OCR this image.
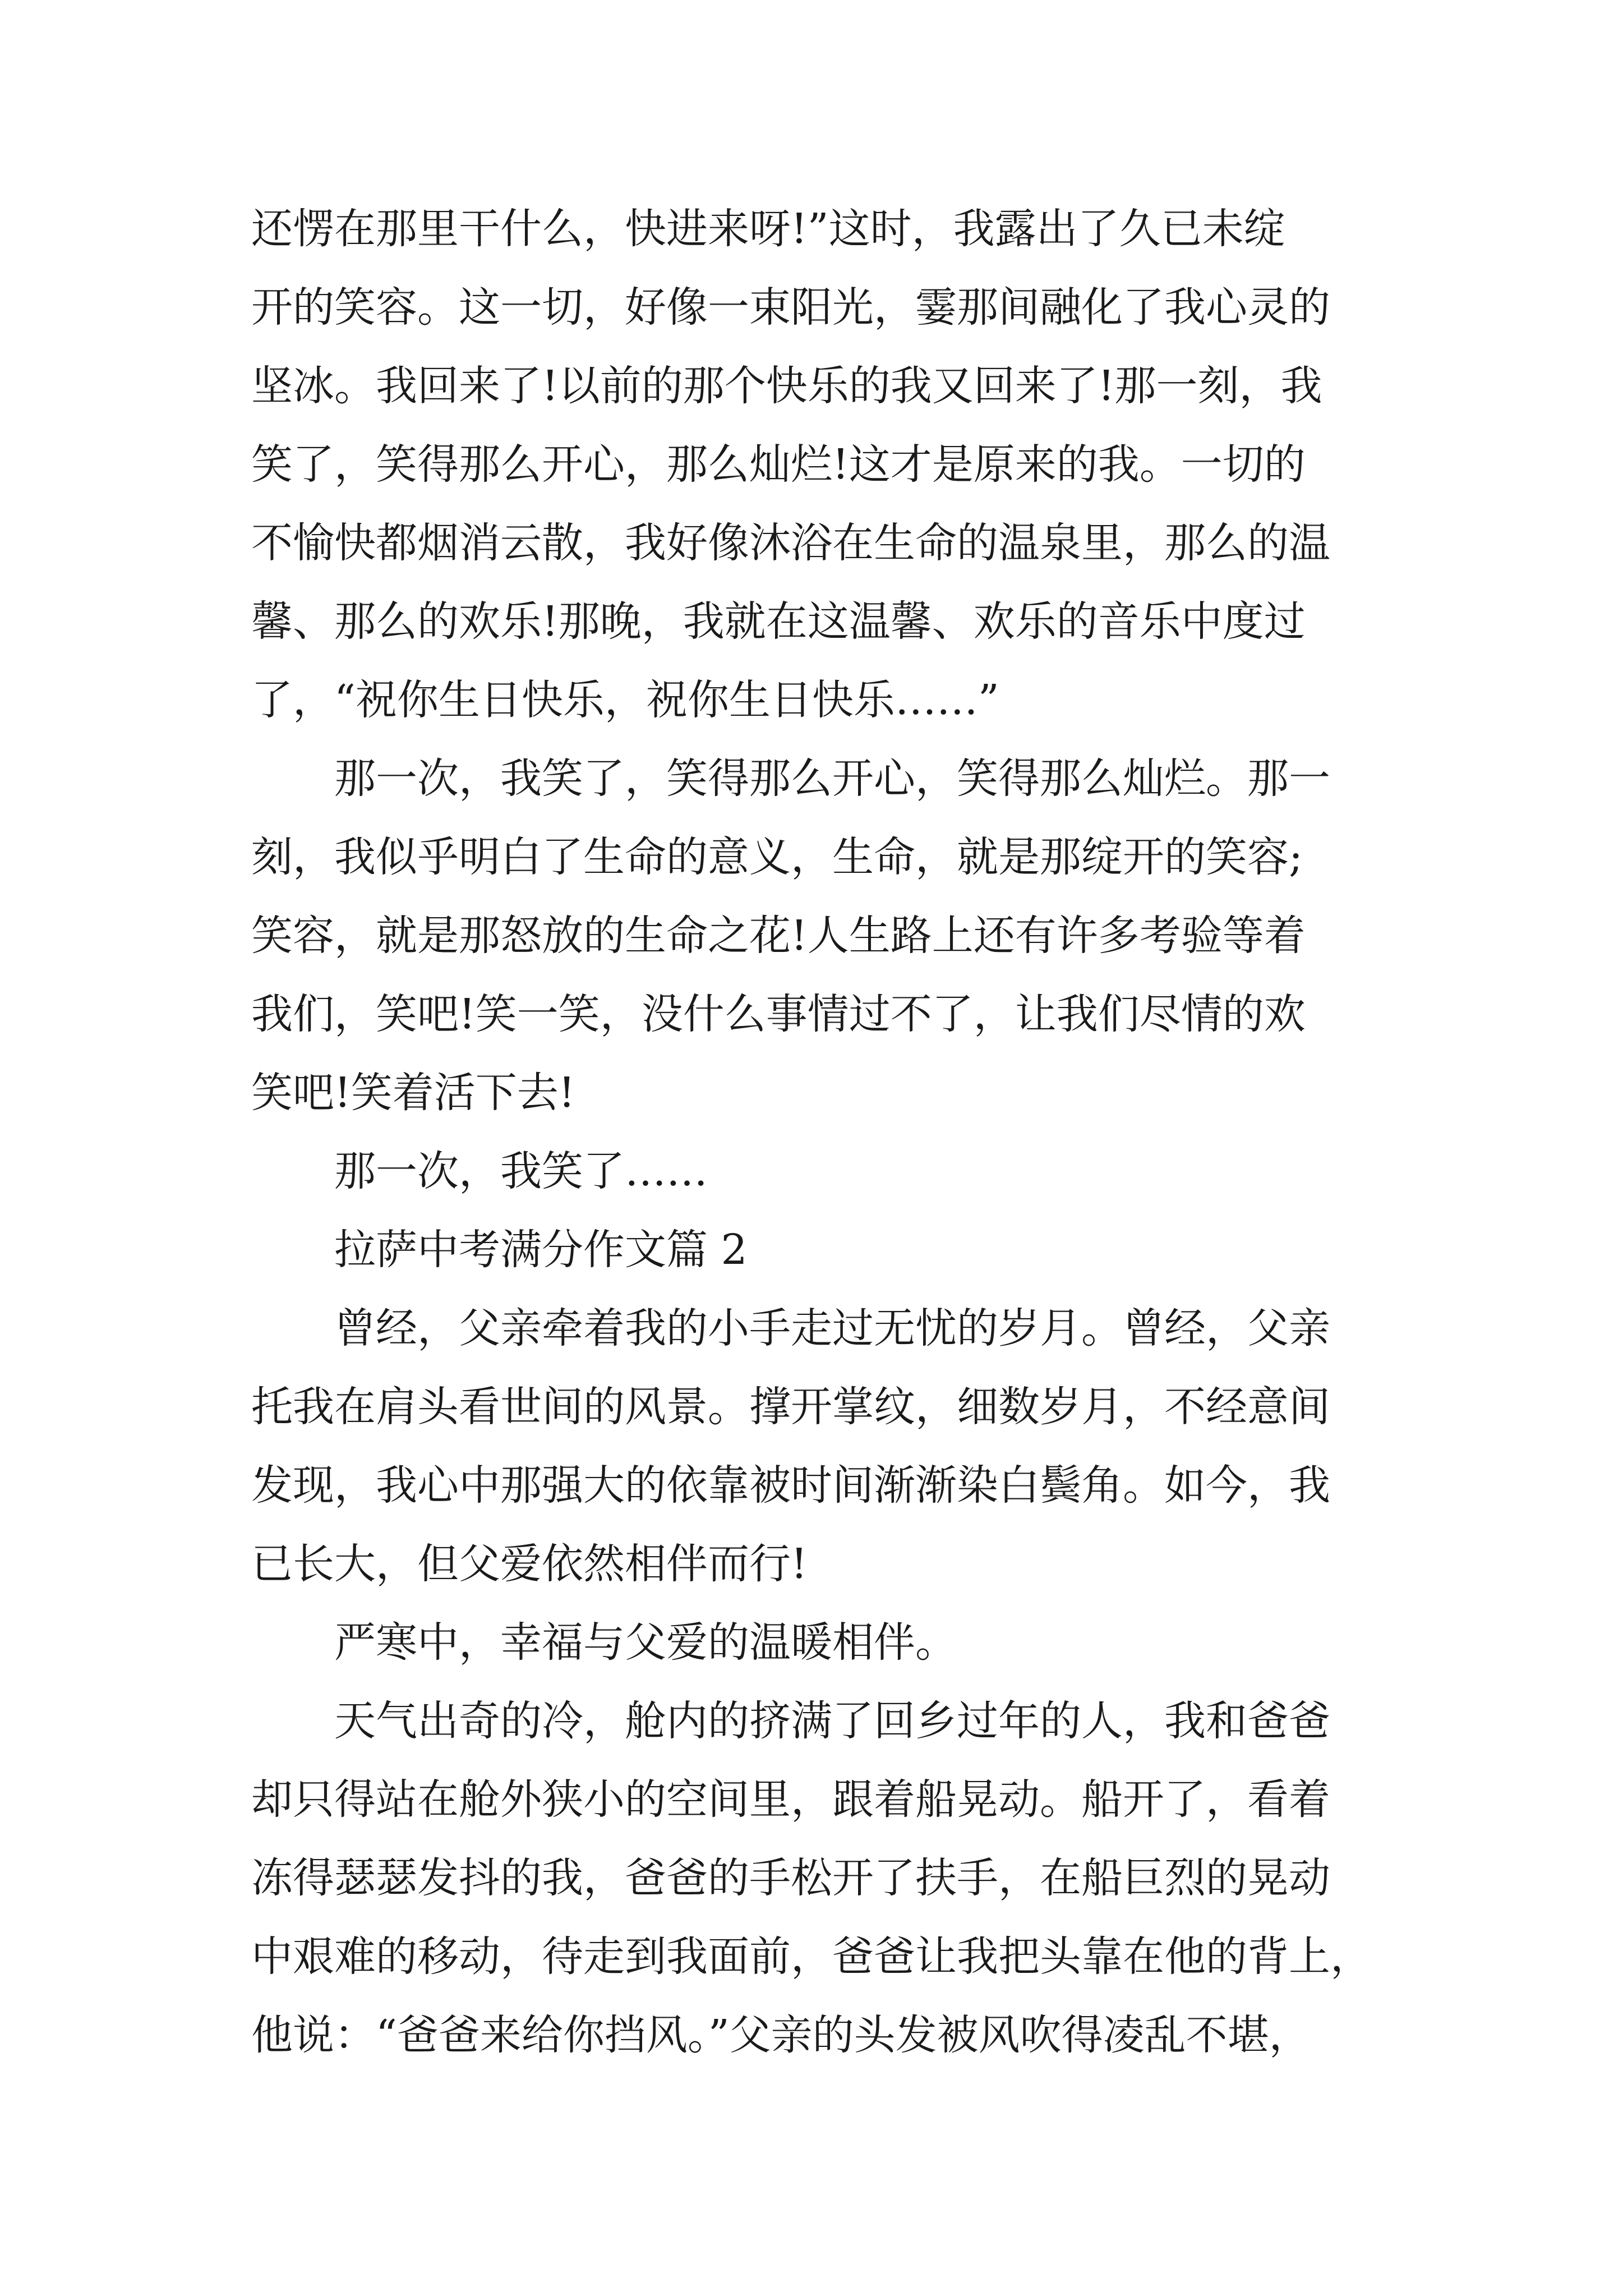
还愣在那里干什么，快进来呀!”这时，我露出了久已未绽
开的笑容。这一切，好像一束阳光，霎那间融化了我心灵的
坚冰。我回来了!以前的那个快乐的我又回来了!那一刻，我
笑了，笑得那么开心，那么灿烂!这才是原来的我。一切的
不愉快都烟消云散，我好像沐浴在生命的温泉里，那么的温
馨、那么的欢乐!那晚，我就在这温馨、欢乐的音乐中度过
了，“祝你生日快乐，祝你生日快乐……”
那一次，我笑了，笑得那么开心，笑得那么灿烂。那一
刻，我似乎明白了生命的意义，生命，就是那绽开的笑容;
笑容，就是那怒放的生命之花!人生路上还有许多考验等着
我们，笑吧!笑一笑，没什么事情过不了，让我们尽情的欢
笑吧!笑着活下去!
那一次，我笑了……
拉萨中考满分作文篇 2
曾经，父亲牵着我的小手走过无忧的岁月。曾经，父亲
托我在肩头看世间的风景。撑开掌纹，细数岁月，不经意间
发现，我心中那强大的依靠被时间渐渐染白鬓角。如今，我
已长大，但父爱依然相伴而行!
严寒中，幸福与父爱的温暖相伴。
天气出奇的冷，舱内的挤满了回乡过年的人，我和爸爸
却只得站在舱外狭小的空间里，跟着船晃动。船开了，看着
冻得瑟瑟发抖的我，爸爸的手松开了扶手，在船巨烈的晃动
中艰难的移动，待走到我面前，爸爸让我把头靠在他的背上，
他说：“爸爸来给你挡风。”父亲的头发被风吹得凌乱不堪，
